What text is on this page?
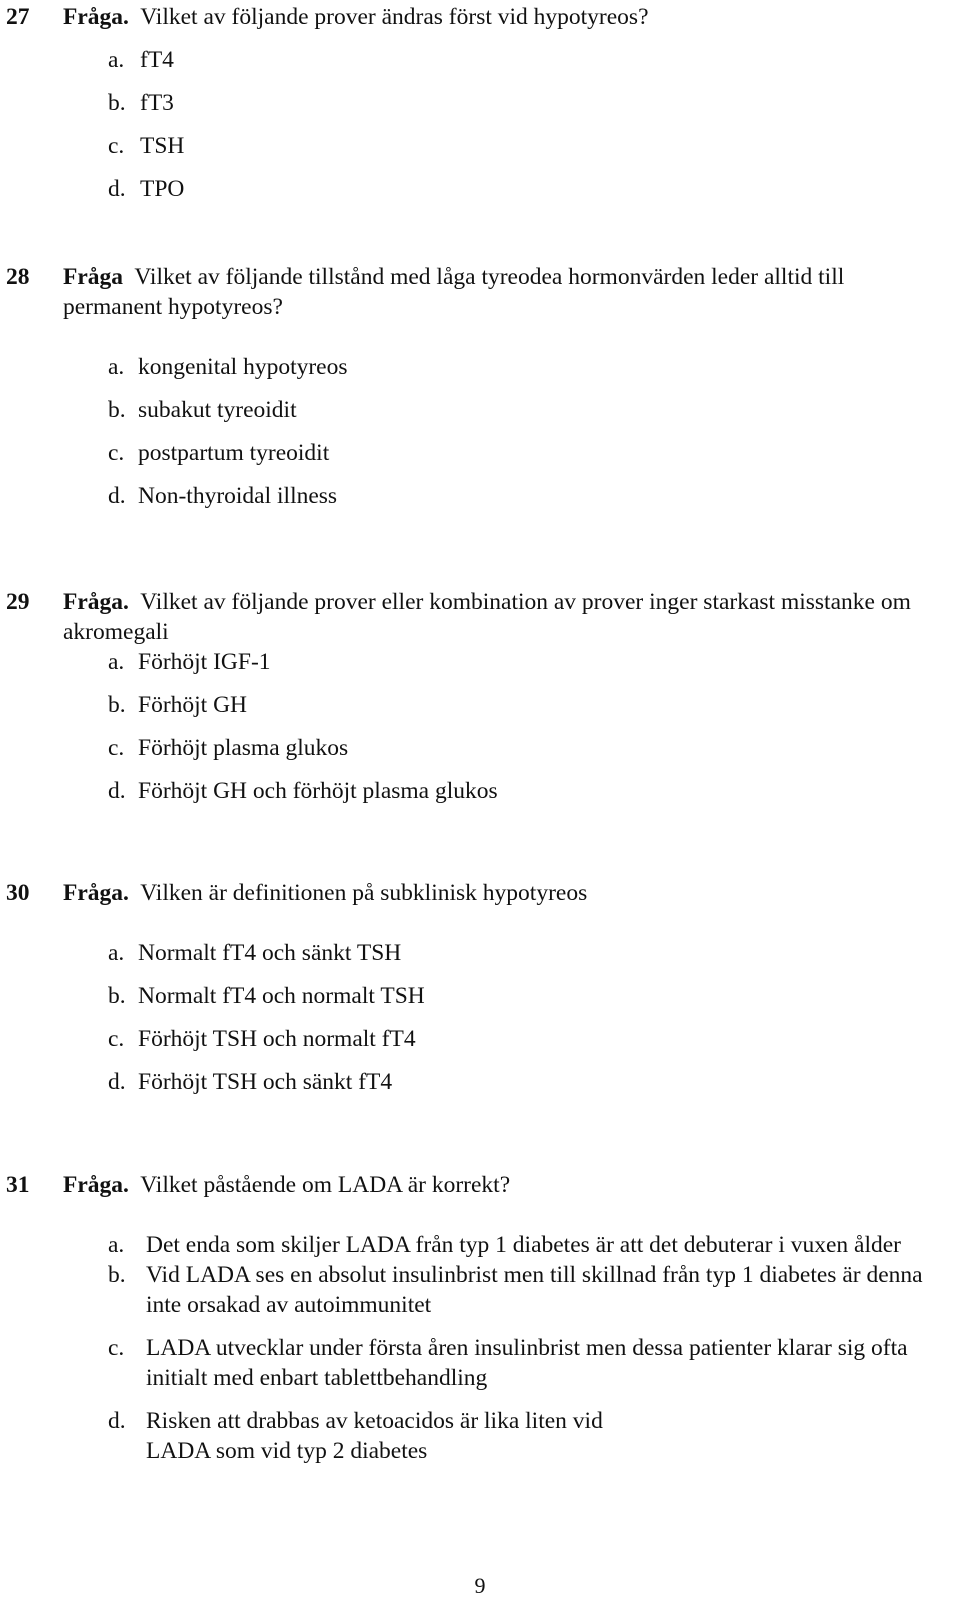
27 Fråga. Vilket av följande prover ändras först vid hypotyreos?
a. fT4
b. fT3
c. TSH
d. TPO
28 Fråga Vilket av följande tillstånd med låga tyreodea hormonvärden leder alltid till permanent hypotyreos?
a. kongenital hypotyreos
b. subakut tyreoidit
c. postpartum tyreoidit
d. Non-thyroidal illness
29 Fråga. Vilket av följande prover eller kombination av prover inger starkast misstanke om akromegali
a. Förhöjt IGF-1
b. Förhöjt GH
c. Förhöjt plasma glukos
d. Förhöjt GH och förhöjt plasma glukos
30 Fråga. Vilken är definitionen på subklinisk hypotyreos
a. Normalt fT4 och sänkt TSH
b. Normalt fT4 och normalt TSH
c. Förhöjt TSH och normalt fT4
d. Förhöjt TSH och sänkt fT4
31 Fråga. Vilket påstående om LADA är korrekt?
a. Det enda som skiljer LADA från typ 1 diabetes är att det debuterar i vuxen ålder
b. Vid LADA ses en absolut insulinbrist men till skillnad från typ 1 diabetes är denna inte orsakad av autoimmunitet
c. LADA utvecklar under första åren insulinbrist men dessa patienter klarar sig ofta initialt med enbart tablettbehandling
d. Risken att drabbas av ketoacidos är lika liten vid LADA som vid typ 2 diabetes
9
